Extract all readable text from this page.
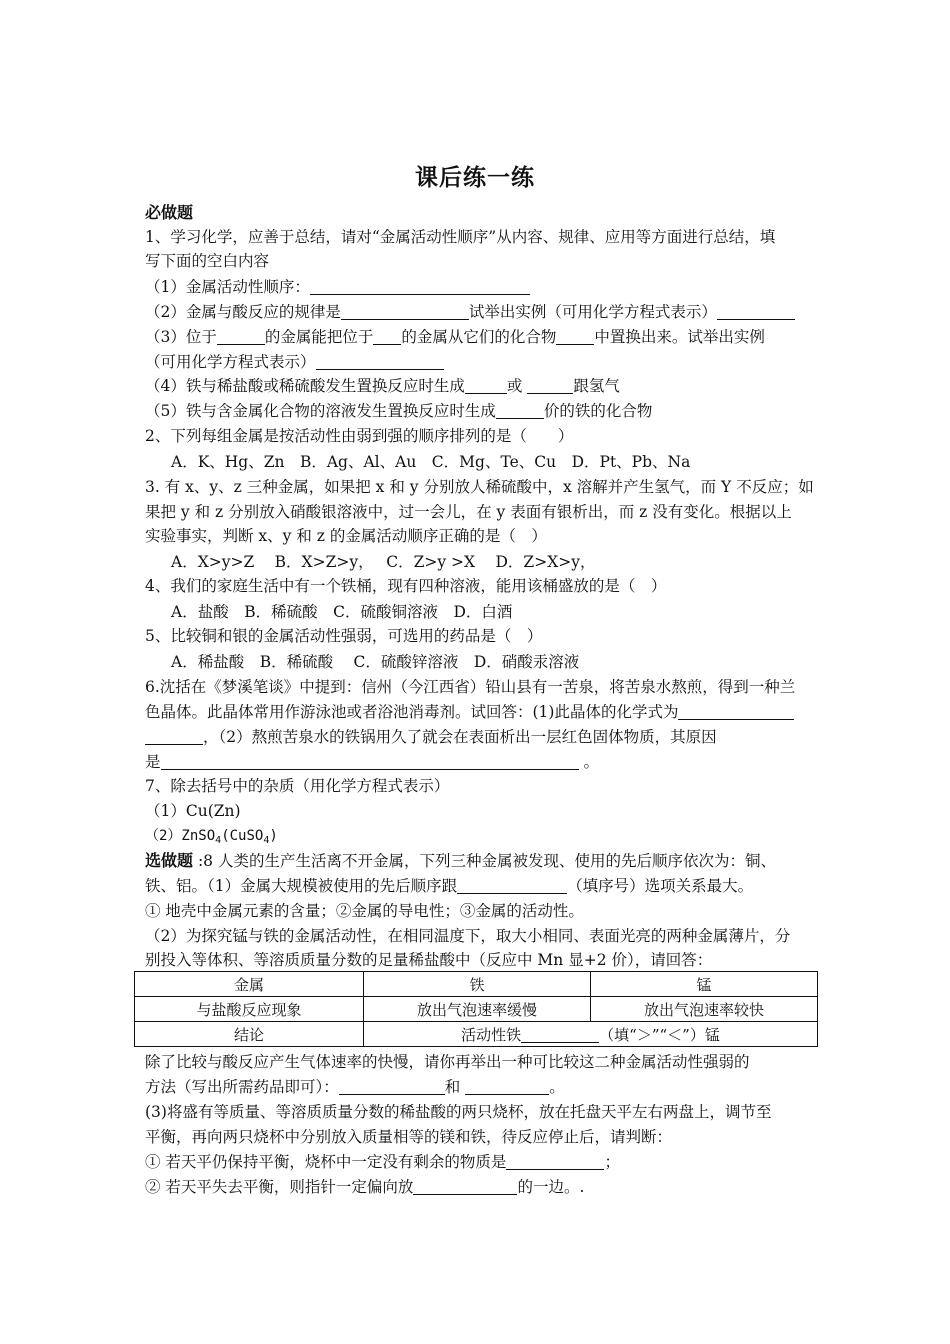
课后练一练
必做题
1、学习化学，应善于总结，请对“金属活动性顺序”从内容、规律、应用等方面进行总结，填
写下面的空白内容
（1）金属活动性顺序：
（2）金属与酸反应的规律是	试举出实例（可用化学方程式表示）
（3）位于	的金属能把位于 的金属从它们的化合物 中置换出来。试举出实例
（可用化学方程式表示）
（4）铁与稀盐酸或稀硫酸发生置换反应时生成	或	跟氢气
（5）铁与含金属化合物的溶液发生置换反应时生成	价的铁的化合物
2、下列每组金属是按活动性由弱到强的顺序排列的是（　　）
A．K、Hg、Zn　B．Ag、Al、Au　C．Mg、Te、Cu　D．Pt、Pb、Na
3. 有 x、y、z 三种金属，如果把 x 和 y 分别放人稀硫酸中，x 溶解并产生氢气，而 Y 不反应；如
果把 y 和 z 分别放入硝酸银溶液中，过一会儿，在 y 表面有银析出，而 z 没有变化。根据以上
实验事实，判断 x、y 和 z 的金属活动顺序正确的是（　）
A．X>y>Z　 B．X>Z>y，　 C．Z>y >X　 D．Z>X>y，
4、我们的家庭生活中有一个铁桶，现有四种溶液，能用该桶盛放的是（　）
A．盐酸　B．稀硫酸　C．硫酸铜溶液　D．白酒
5、比较铜和银的金属活动性强弱，可选用的药品是（　）
A．稀盐酸　B．稀硫酸　 C．硫酸锌溶液　D．硝酸汞溶液
6.沈括在《梦溪笔谈》中提到：信州（今江西省）铅山县有一苦泉，将苦泉水熬煎，得到一种兰
色晶体。此晶体常用作游泳池或者浴池消毒剂。试回答：(1)此晶体的化学式为
，（2）熬煎苦泉水的铁锅用久了就会在表面析出一层红色固体物质，其原因
是	。
7、除去括号中的杂质（用化学方程式表示）
（1）Cu(Zn)
（2）ZnSO$_4$(CuSO$_4$)
选做题 :8 人类的生产生活离不开金属，下列三种金属被发现、使用的先后顺序依次为：铜、
铁、铝。（1）金属大规模被使用的先后顺序跟	（填序号）选项关系最大。
① 地壳中金属元素的含量；②金属的导电性；③金属的活动性。
（2）为探究锰与铁的金属活动性，在相同温度下，取大小相同、表面光亮的两种金属薄片，分
别投入等体积、等溶质质量分数的足量稀盐酸中（反应中 Mn 显+2 价），请回答：
金属	铁	锰
与盐酸反应现象	放出气泡速率缓慢	放出气泡速率较快
结论	活动性铁 （填“＞”“＜”）锰	
除了比较与酸反应产生气体速率的快慢，请你再举出一种可比较这二种金属活动性强弱的
方法（写出所需药品即可）：	和	。
(3)将盛有等质量、等溶质质量分数的稀盐酸的两只烧杯，放在托盘天平左右两盘上，调节至
平衡，再向两只烧杯中分别放入质量相等的镁和铁，待反应停止后，请判断：
① 若天平仍保持平衡，烧杯中一定没有剩余的物质是	；
② 若天平失去平衡，则指针一定偏向放	的一边。.
